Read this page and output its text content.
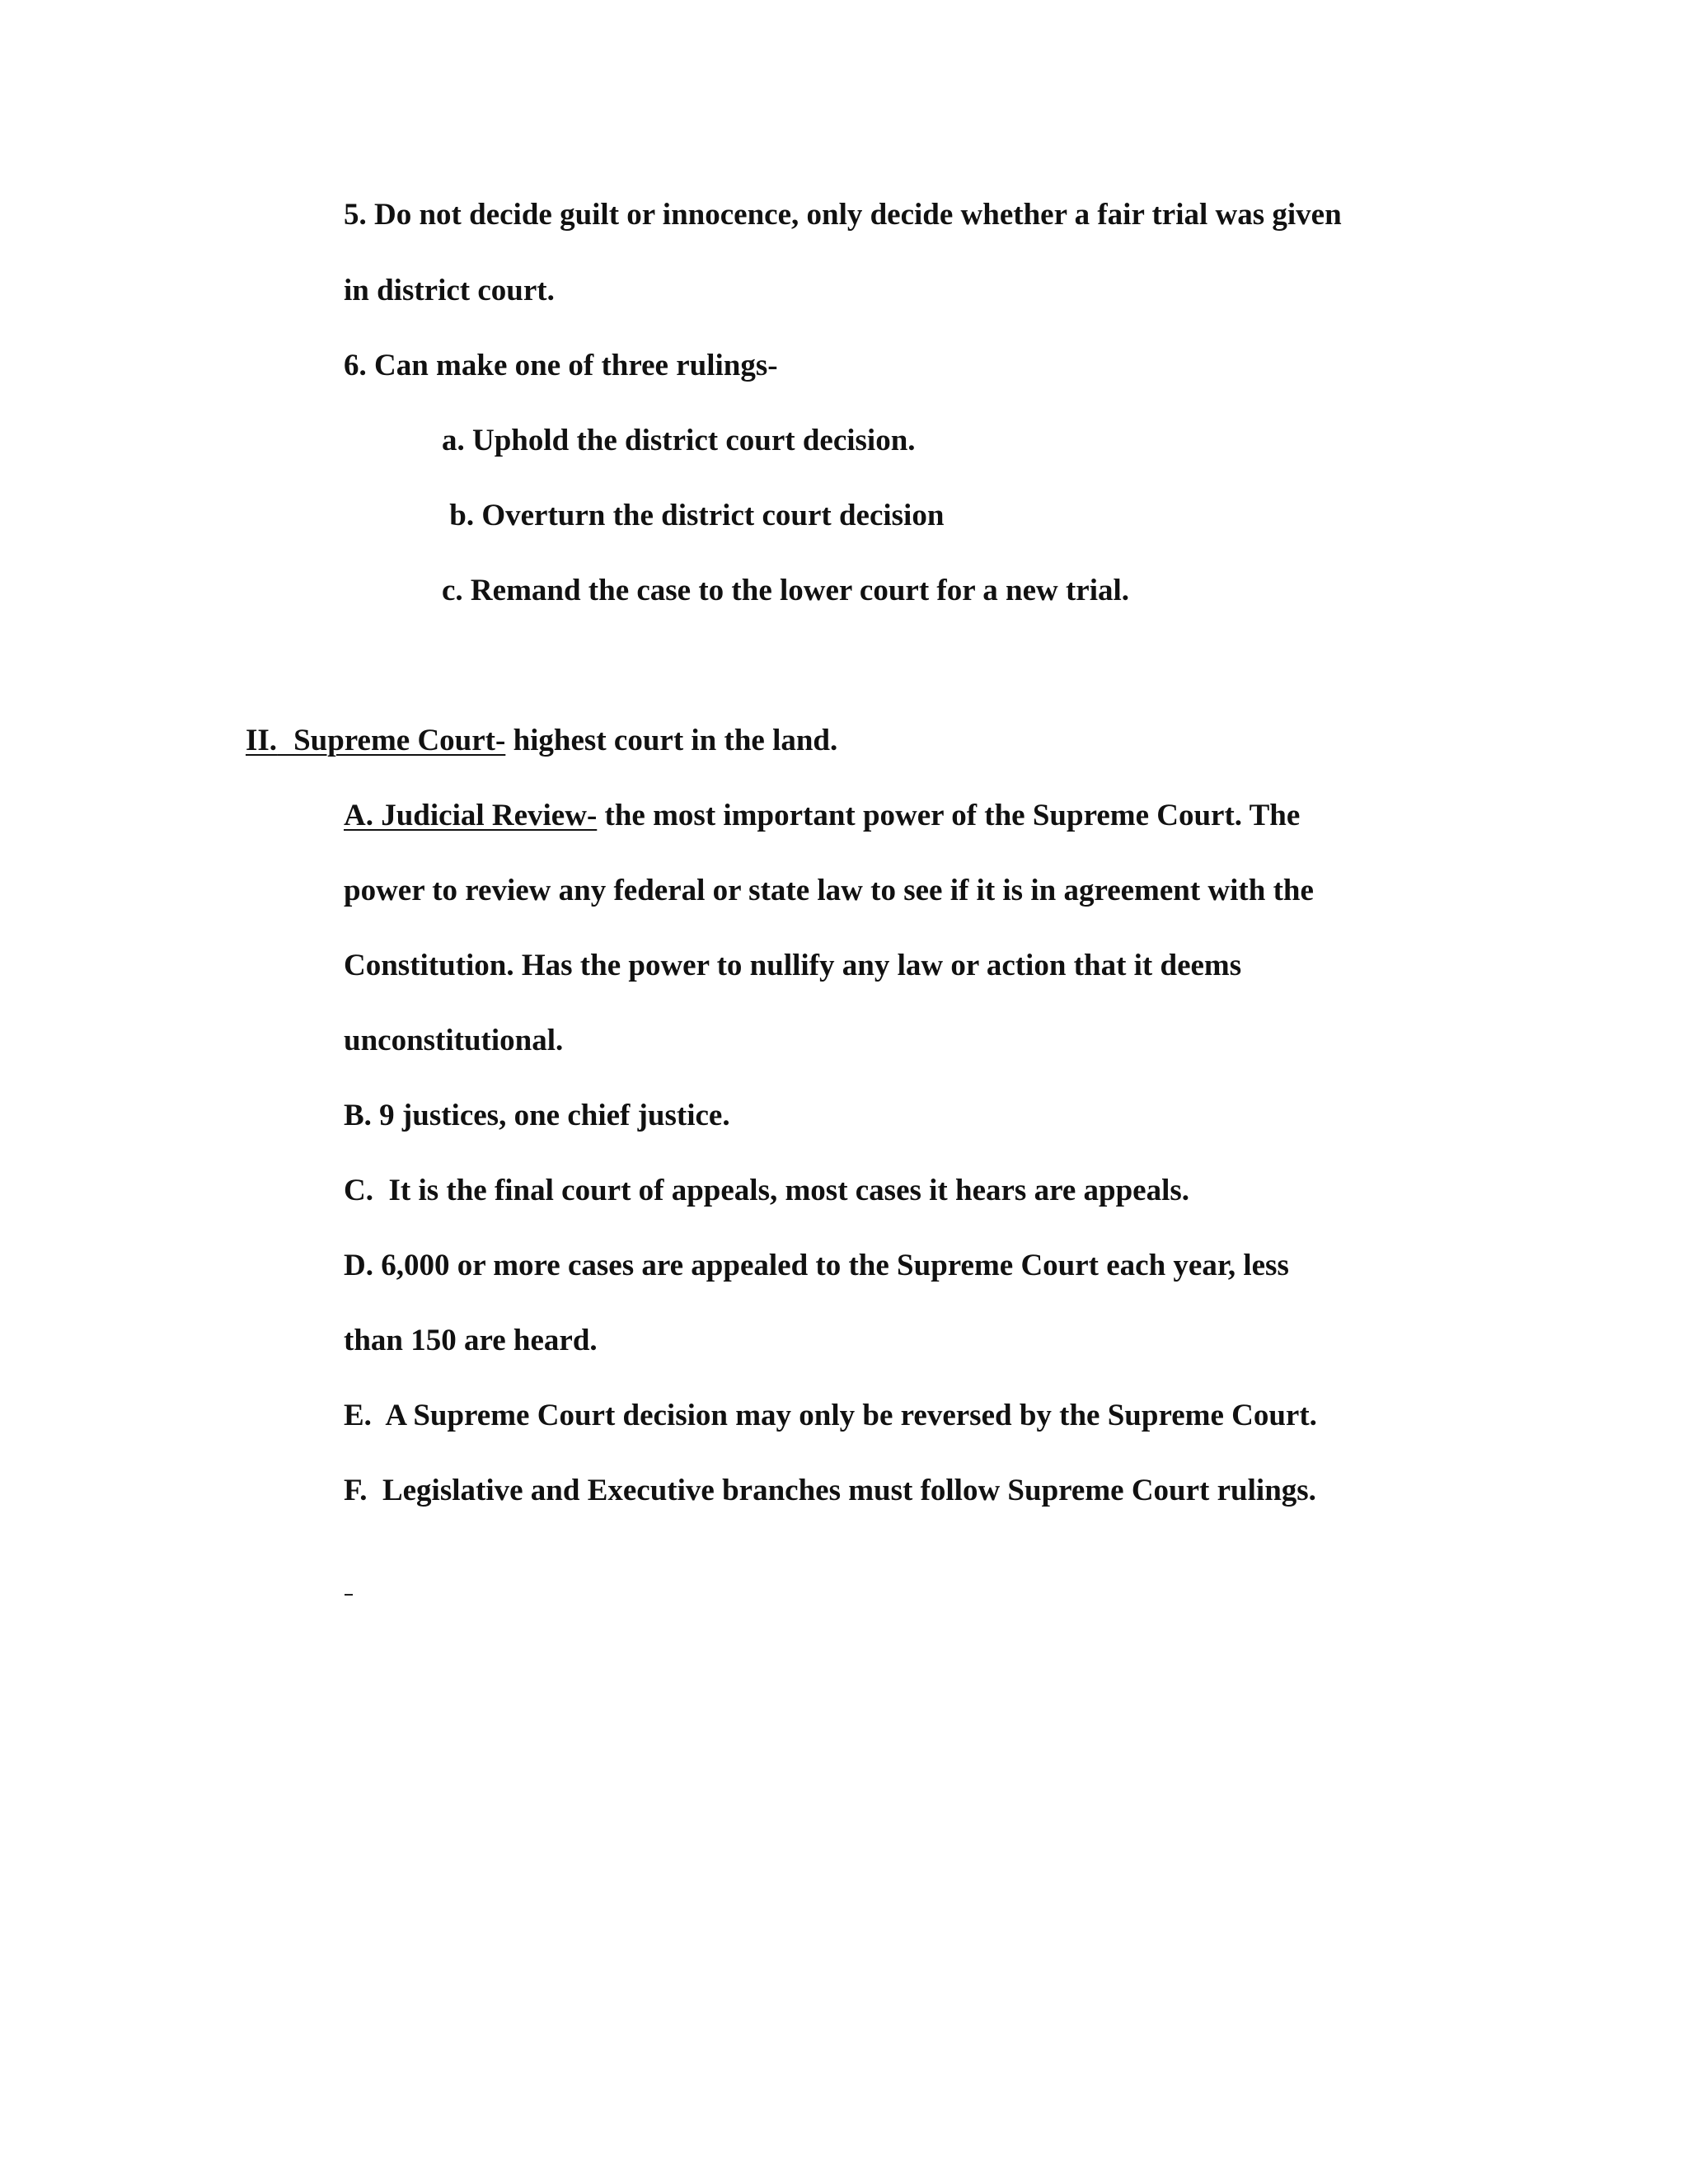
5. Do not decide guilt or innocence, only decide whether a fair trial was given

in district court.

6. Can make one of three rulings-

a. Uphold the district court decision.

b. Overturn the district court decision

c. Remand the case to the lower court for a new trial.

II. Supreme Court- highest court in the land.

A. Judicial Review- the most important power of the Supreme Court. The

power to review any federal or state law to see if it is in agreement with the

Constitution. Has the power to nullify any law or action that it deems

unconstitutional.

B. 9 justices, one chief justice.

C.  It is the final court of appeals, most cases it hears are appeals.

D. 6,000 or more cases are appealed to the Supreme Court each year, less

than 150 are heard.

E.  A Supreme Court decision may only be reversed by the Supreme Court.

F.  Legislative and Executive branches must follow Supreme Court rulings.
